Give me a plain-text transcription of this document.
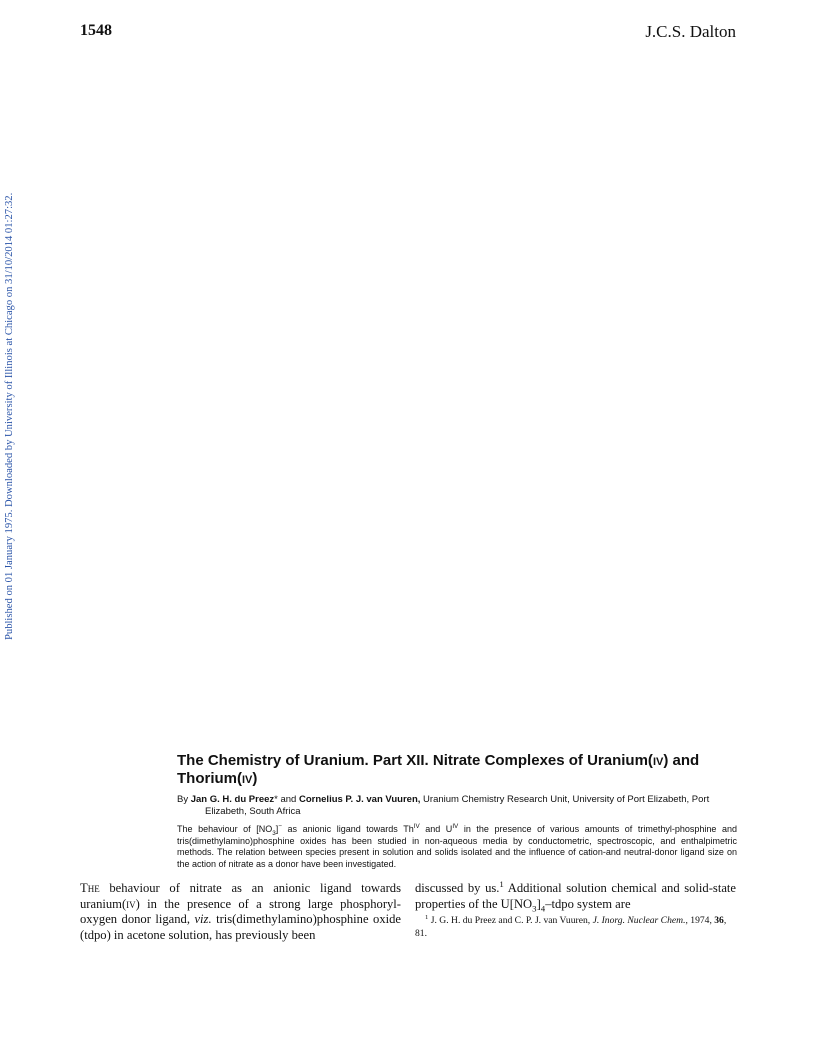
1548	J.C.S. Dalton
Published on 01 January 1975. Downloaded by University of Illinois at Chicago on 31/10/2014 01:27:32.
The Chemistry of Uranium. Part XII. Nitrate Complexes of Uranium(iv) and Thorium(iv)
By Jan G. H. du Preez* and Cornelius P. J. van Vuuren, Uranium Chemistry Research Unit, University of Port Elizabeth, Port Elizabeth, South Africa
The behaviour of $[NO_3]^-$ as anionic ligand towards $Th^{IV}$ and $U^{IV}$ in the presence of various amounts of trimethyl-phosphine and tris(dimethylamino)phosphine oxides has been studied in non-aqueous media by conductometric, spectroscopic, and enthalpimetric methods. The relation between species present in solution and solids isolated and the influence of cation-and neutral-donor ligand size on the action of nitrate as a donor have been investigated.
The behaviour of nitrate as an anionic ligand towards uranium(iv) in the presence of a strong large phosphoryl-oxygen donor ligand, viz. tris(dimethylamino)phosphine oxide (tdpo) in acetone solution, has previously been
discussed by us.$^1$ Additional solution chemical and solid-state properties of the $U[NO_3]_4$–tdpo system are
$^1$ J. G. H. du Preez and C. P. J. van Vuuren, J. Inorg. Nuclear Chem., 1974, 36, 81.
